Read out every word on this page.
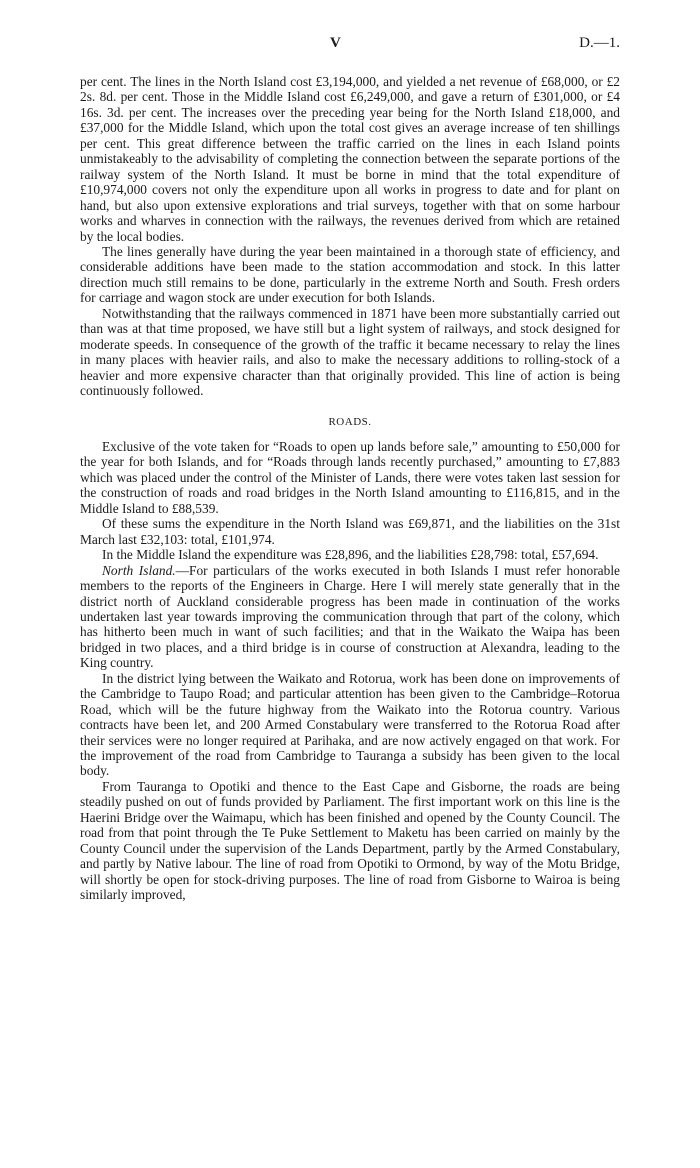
V	D.—1.

per cent. The lines in the North Island cost £3,194,000, and yielded a net revenue of £68,000, or £2 2s. 8d. per cent. Those in the Middle Island cost £6,249,000, and gave a return of £301,000, or £4 16s. 3d. per cent. The increases over the preceding year being for the North Island £18,000, and £37,000 for the Middle Island, which upon the total cost gives an average increase of ten shillings per cent. This great difference between the traffic carried on the lines in each Island points unmistakeably to the advisability of completing the connection between the separate portions of the railway system of the North Island. It must be borne in mind that the total expenditure of £10,974,000 covers not only the expenditure upon all works in progress to date and for plant on hand, but also upon extensive explorations and trial surveys, together with that on some harbour works and wharves in connection with the railways, the revenues derived from which are retained by the local bodies.

The lines generally have during the year been maintained in a thorough state of efficiency, and considerable additions have been made to the station accommodation and stock. In this latter direction much still remains to be done, particularly in the extreme North and South. Fresh orders for carriage and wagon stock are under execution for both Islands.

Notwithstanding that the railways commenced in 1871 have been more substantially carried out than was at that time proposed, we have still but a light system of railways, and stock designed for moderate speeds. In consequence of the growth of the traffic it became necessary to relay the lines in many places with heavier rails, and also to make the necessary additions to rolling-stock of a heavier and more expensive character than that originally provided. This line of action is being continuously followed.

ROADS.

Exclusive of the vote taken for “Roads to open up lands before sale,” amounting to £50,000 for the year for both Islands, and for “Roads through lands recently purchased,” amounting to £7,883 which was placed under the control of the Minister of Lands, there were votes taken last session for the construction of roads and road bridges in the North Island amounting to £116,815, and in the Middle Island to £88,539.

Of these sums the expenditure in the North Island was £69,871, and the liabilities on the 31st March last £32,103: total, £101,974.

In the Middle Island the expenditure was £28,896, and the liabilities £28,798: total, £57,694.

North Island.—For particulars of the works executed in both Islands I must refer honorable members to the reports of the Engineers in Charge. Here I will merely state generally that in the district north of Auckland considerable progress has been made in continuation of the works undertaken last year towards improving the communication through that part of the colony, which has hitherto been much in want of such facilities; and that in the Waikato the Waipa has been bridged in two places, and a third bridge is in course of construction at Alexandra, leading to the King country.

In the district lying between the Waikato and Rotorua, work has been done on improvements of the Cambridge to Taupo Road; and particular attention has been given to the Cambridge–Rotorua Road, which will be the future highway from the Waikato into the Rotorua country. Various contracts have been let, and 200 Armed Constabulary were transferred to the Rotorua Road after their services were no longer required at Parihaka, and are now actively engaged on that work. For the improvement of the road from Cambridge to Tauranga a subsidy has been given to the local body.

From Tauranga to Opotiki and thence to the East Cape and Gisborne, the roads are being steadily pushed on out of funds provided by Parliament. The first important work on this line is the Haerini Bridge over the Waimapu, which has been finished and opened by the County Council. The road from that point through the Te Puke Settlement to Maketu has been carried on mainly by the County Council under the supervision of the Lands Department, partly by the Armed Constabulary, and partly by Native labour. The line of road from Opotiki to Ormond, by way of the Motu Bridge, will shortly be open for stock-driving purposes. The line of road from Gisborne to Wairoa is being similarly improved,
